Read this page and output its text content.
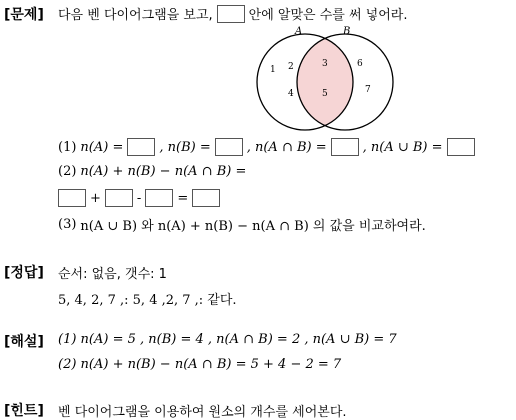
[문제] 다음 벤 다이어그램을 보고,	안에 알맞은 수를 써 넣어라.
A	B
1 2
4
3
5
6
7
(1) n(A) =	, n(B) =	, n(A ∩ B) =	, n(A ∪ B) =
(2) n(A) + n(B) − n(A ∩ B) =
+	-	=
(3) n(A ∪ B) 와 n(A) + n(B) − n(A ∩ B) 의 값을 비교하여라.
[정답] 순서: 없음, 갯수: 1
5, 4, 2, 7 ,: 5, 4 ,2, 7 ,: 같다.
[해설] (1) n(A) = 5 , n(B) = 4 , n(A ∩ B) = 2 , n(A ∪ B) = 7
(2) n(A) + n(B) − n(A ∩ B) = 5 + 4 − 2 = 7
[힌트] 벤 다이어그램을 이용하여 원소의 개수를 세어본다.
